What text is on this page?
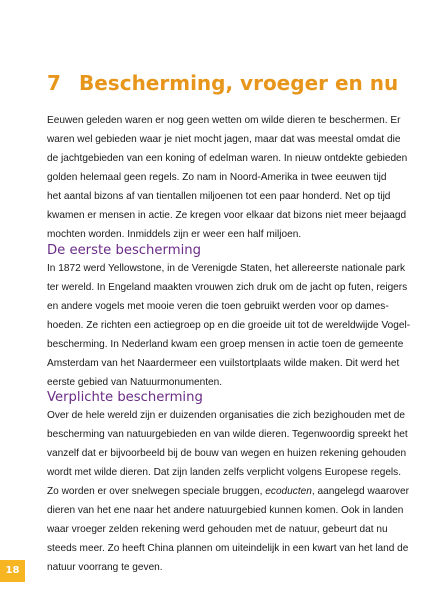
7 Bescherming, vroeger en nu
Eeuwen geleden waren er nog geen wetten om wilde dieren te beschermen. Er
waren wel gebieden waar je niet mocht jagen, maar dat was meestal omdat die
de jachtgebieden van een koning of edelman waren. In nieuw ontdekte gebieden
golden helemaal geen regels. Zo nam in Noord-Amerika in twee eeuwen tijd
het aantal bizons af van tientallen miljoenen tot een paar honderd. Net op tijd
kwamen er mensen in actie. Ze kregen voor elkaar dat bizons niet meer bejaagd
mochten worden. Inmiddels zijn er weer een half miljoen.
De eerste bescherming
In 1872 werd Yellowstone, in de Verenigde Staten, het allereerste nationale park
ter wereld. In Engeland maakten vrouwen zich druk om de jacht op futen, reigers
en andere vogels met mooie veren die toen gebruikt werden voor op dames-
hoeden. Ze richten een actiegroep op en die groeide uit tot de wereldwijde Vogel-
bescherming. In Nederland kwam een groep mensen in actie toen de gemeente
Amsterdam van het Naardermeer een vuilstortplaats wilde maken. Dit werd het
eerste gebied van Natuurmonumenten.
Verplichte bescherming
Over de hele wereld zijn er duizenden organisaties die zich bezighouden met de
bescherming van natuurgebieden en van wilde dieren. Tegenwoordig spreekt het
vanzelf dat er bijvoorbeeld bij de bouw van wegen en huizen rekening gehouden
wordt met wilde dieren. Dat zijn landen zelfs verplicht volgens Europese regels.
Zo worden er over snelwegen speciale bruggen, ecoducten, aangelegd waarover
dieren van het ene naar het andere natuurgebied kunnen komen. Ook in landen
waar vroeger zelden rekening werd gehouden met de natuur, gebeurt dat nu
steeds meer. Zo heeft China plannen om uiteindelijk in een kwart van het land de
natuur voorrang te geven.
18
